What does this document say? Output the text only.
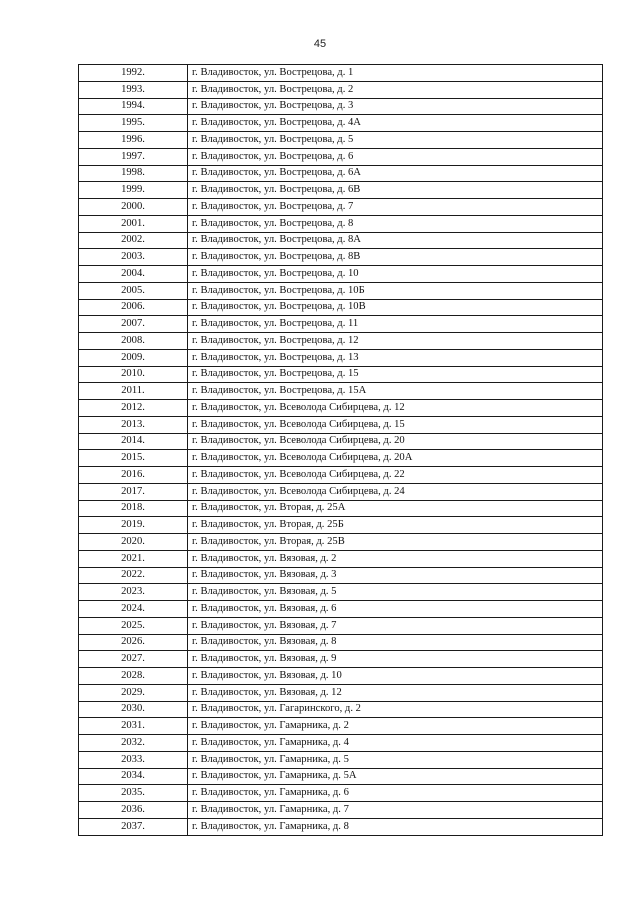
45
1992.	г. Владивосток, ул. Вострецова, д. 1
1993.	г. Владивосток, ул. Вострецова, д. 2
1994.	г. Владивосток, ул. Вострецова, д. 3
1995.	г. Владивосток, ул. Вострецова, д. 4А
1996.	г. Владивосток, ул. Вострецова, д. 5
1997.	г. Владивосток, ул. Вострецова, д. 6
1998.	г. Владивосток, ул. Вострецова, д. 6А
1999.	г. Владивосток, ул. Вострецова, д. 6В
2000.	г. Владивосток, ул. Вострецова, д. 7
2001.	г. Владивосток, ул. Вострецова, д. 8
2002.	г. Владивосток, ул. Вострецова, д. 8А
2003.	г. Владивосток, ул. Вострецова, д. 8В
2004.	г. Владивосток, ул. Вострецова, д. 10
2005.	г. Владивосток, ул. Вострецова, д. 10Б
2006.	г. Владивосток, ул. Вострецова, д. 10В
2007.	г. Владивосток, ул. Вострецова, д. 11
2008.	г. Владивосток, ул. Вострецова, д. 12
2009.	г. Владивосток, ул. Вострецова, д. 13
2010.	г. Владивосток, ул. Вострецова, д. 15
2011.	г. Владивосток, ул. Вострецова, д. 15А
2012.	г. Владивосток, ул. Всеволода Сибирцева, д. 12
2013.	г. Владивосток, ул. Всеволода Сибирцева, д. 15
2014.	г. Владивосток, ул. Всеволода Сибирцева, д. 20
2015.	г. Владивосток, ул. Всеволода Сибирцева, д. 20А
2016.	г. Владивосток, ул. Всеволода Сибирцева, д. 22
2017.	г. Владивосток, ул. Всеволода Сибирцева, д. 24
2018.	г. Владивосток, ул. Вторая, д. 25А
2019.	г. Владивосток, ул. Вторая, д. 25Б
2020.	г. Владивосток, ул. Вторая, д. 25В
2021.	г. Владивосток, ул. Вязовая, д. 2
2022.	г. Владивосток, ул. Вязовая, д. 3
2023.	г. Владивосток, ул. Вязовая, д. 5
2024.	г. Владивосток, ул. Вязовая, д. 6
2025.	г. Владивосток, ул. Вязовая, д. 7
2026.	г. Владивосток, ул. Вязовая, д. 8
2027.	г. Владивосток, ул. Вязовая, д. 9
2028.	г. Владивосток, ул. Вязовая, д. 10
2029.	г. Владивосток, ул. Вязовая, д. 12
2030.	г. Владивосток, ул. Гагаринского, д. 2
2031.	г. Владивосток, ул. Гамарника, д. 2
2032.	г. Владивосток, ул. Гамарника, д. 4
2033.	г. Владивосток, ул. Гамарника, д. 5
2034.	г. Владивосток, ул. Гамарника, д. 5А
2035.	г. Владивосток, ул. Гамарника, д. 6
2036.	г. Владивосток, ул. Гамарника, д. 7
2037.	г. Владивосток, ул. Гамарника, д. 8
